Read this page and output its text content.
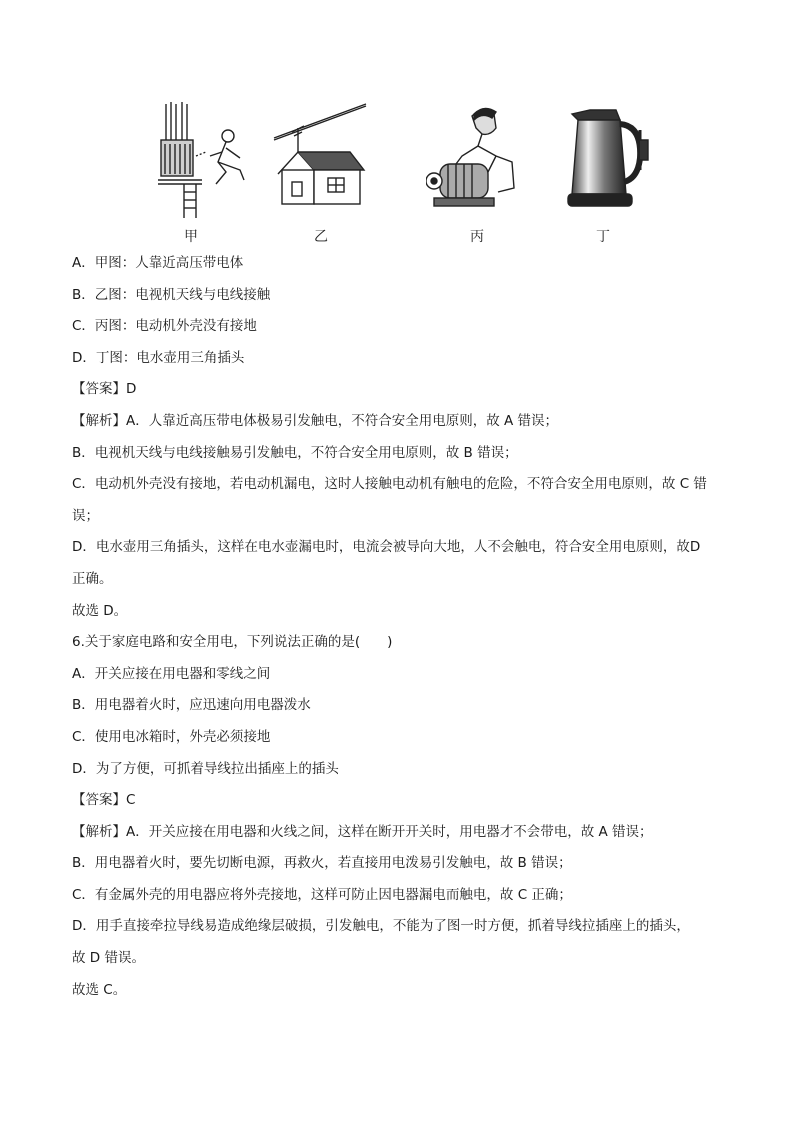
甲	乙	丙	丁
A．甲图：人靠近高压带电体
B．乙图：电视机天线与电线接触
C．丙图：电动机外壳没有接地
D．丁图：电水壶用三角插头
【答案】D
【解析】A．人靠近高压带电体极易引发触电，不符合安全用电原则，故 A 错误；
B．电视机天线与电线接触易引发触电，不符合安全用电原则，故 B 错误；
C．电动机外壳没有接地，若电动机漏电，这时人接触电动机有触电的危险，不符合安全用电原则，故 C 错
误；
D．电水壶用三角插头，这样在电水壶漏电时，电流会被导向大地，人不会触电，符合安全用电原则，故D
正确。
故选 D。
6.关于家庭电路和安全用电，下列说法正确的是(　　)
A．开关应接在用电器和零线之间
B．用电器着火时，应迅速向用电器泼水
C．使用电冰箱时，外壳必须接地
D．为了方便，可抓着导线拉出插座上的插头
【答案】C
【解析】A．开关应接在用电器和火线之间，这样在断开开关时，用电器才不会带电，故 A 错误；
B．用电器着火时，要先切断电源，再救火，若直接用电泼易引发触电，故 B 错误；
C．有金属外壳的用电器应将外壳接地，这样可防止因电器漏电而触电，故 C 正确；
D．用手直接牵拉导线易造成绝缘层破损，引发触电，不能为了图一时方便，抓着导线拉插座上的插头，
故 D 错误。
故选 C。
